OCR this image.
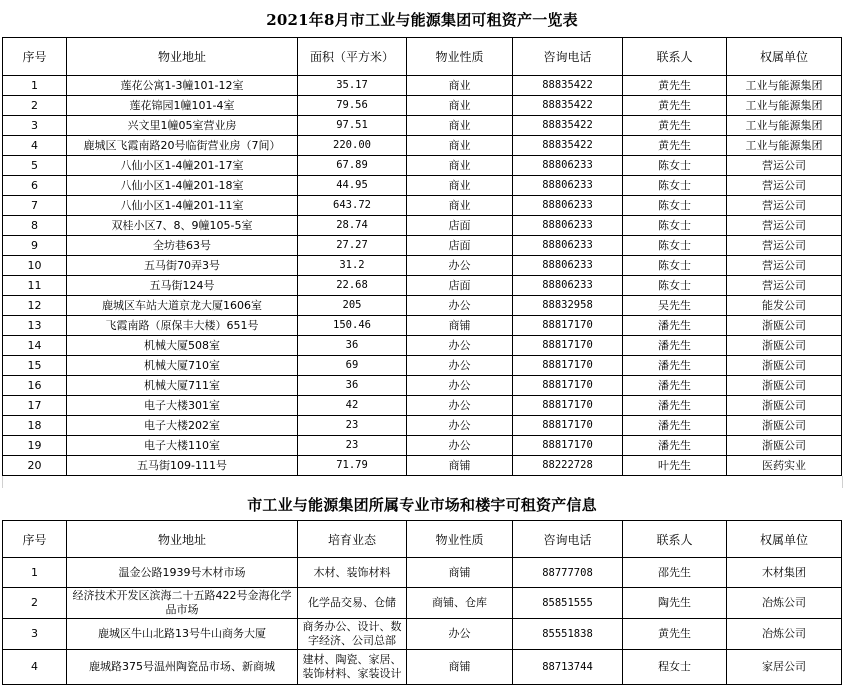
2021年8月市工业与能源集团可租资产一览表
序号	物业地址	面积（平方米）	物业性质	咨询电话	联系人	权属单位
1	莲花公寓1-3幢101-12室	35.17	商业	88835422	黄先生	工业与能源集团
2	莲花锦园1幢101-4室	79.56	商业	88835422	黄先生	工业与能源集团
3	兴文里1幢05室营业房	97.51	商业	88835422	黄先生	工业与能源集团
4	鹿城区飞霞南路20号临街营业房（7间）	220.00	商业	88835422	黄先生	工业与能源集团
5	八仙小区1-4幢201-17室	67.89	商业	88806233	陈女士	营运公司
6	八仙小区1-4幢201-18室	44.95	商业	88806233	陈女士	营运公司
7	八仙小区1-4幢201-11室	643.72	商业	88806233	陈女士	营运公司
8	双桂小区7、8、9幢105-5室	28.74	店面	88806233	陈女士	营运公司
9	全坊巷63号	27.27	店面	88806233	陈女士	营运公司
10	五马街70弄3号	31.2	办公	88806233	陈女士	营运公司
11	五马街124号	22.68	店面	88806233	陈女士	营运公司
12	鹿城区车站大道京龙大厦1606室	205	办公	88832958	吴先生	能发公司
13	飞霞南路（原保丰大楼）651号	150.46	商铺	88817170	潘先生	浙瓯公司
14	机械大厦508室	36	办公	88817170	潘先生	浙瓯公司
15	机械大厦710室	69	办公	88817170	潘先生	浙瓯公司
16	机械大厦711室	36	办公	88817170	潘先生	浙瓯公司
17	电子大楼301室	42	办公	88817170	潘先生	浙瓯公司
18	电子大楼202室	23	办公	88817170	潘先生	浙瓯公司
19	电子大楼110室	23	办公	88817170	潘先生	浙瓯公司
20	五马街109-111号	71.79	商铺	88222728	叶先生	医药实业
市工业与能源集团所属专业市场和楼宇可租资产信息
序号	物业地址	培育业态	物业性质	咨询电话	联系人	权属单位
1	温金公路1939号木材市场	木材、装饰材料	商铺	88777708	邵先生	木材集团
2	经济技术开发区滨海二十五路422号金海化学品市场	化学品交易、仓储	商铺、仓库	85851555	陶先生	冶炼公司
3	鹿城区牛山北路13号牛山商务大厦	商务办公、设计、数字经济、公司总部	办公	85551838	黄先生	冶炼公司
4	鹿城路375号温州陶瓷品市场、新商城	建材、陶瓷、家居、装饰材料、家装设计	商铺	88713744	程女士	家居公司
